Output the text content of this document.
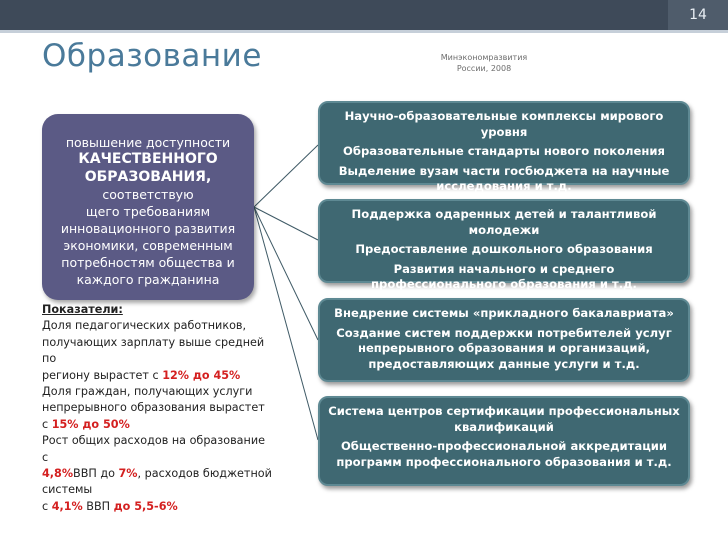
14
Образование	Минэкономразвития
России, 2008
повышение доступности
КАЧЕСТВЕННОГО
ОБРАЗОВАНИЯ, соответствую
щего требованиям
инновационного развития
экономики, современным
потребностям общества и
каждого гражданина
Научно-образовательные комплексы мирового уровня
Образовательные стандарты нового поколения
Выделение вузам части госбюджета на научные исследования и т.д.
Поддержка одаренных детей и талантливой молодежи
Предоставление дошкольного образования
Развития начального и среднего профессионального образования и т.д.
Внедрение системы «прикладного бакалавриата»
Создание систем поддержки потребителей услуг непрерывного образования и организаций, предоставляющих данные услуги и т.д.
Система центров сертификации профессиональных квалификаций
Общественно-профессиональной аккредитации программ профессионального образования и т.д.
Показатели:
Доля педагогических работников,
получающих зарплату выше средней по
региону вырастет с 12% до 45%
Доля граждан, получающих услуги
непрерывного образования вырастет
с 15% до 50%
Рост общих расходов на образование с
4,8%ВВП до 7%, расходов бюджетной
системы
с 4,1% ВВП до 5,5-6%
